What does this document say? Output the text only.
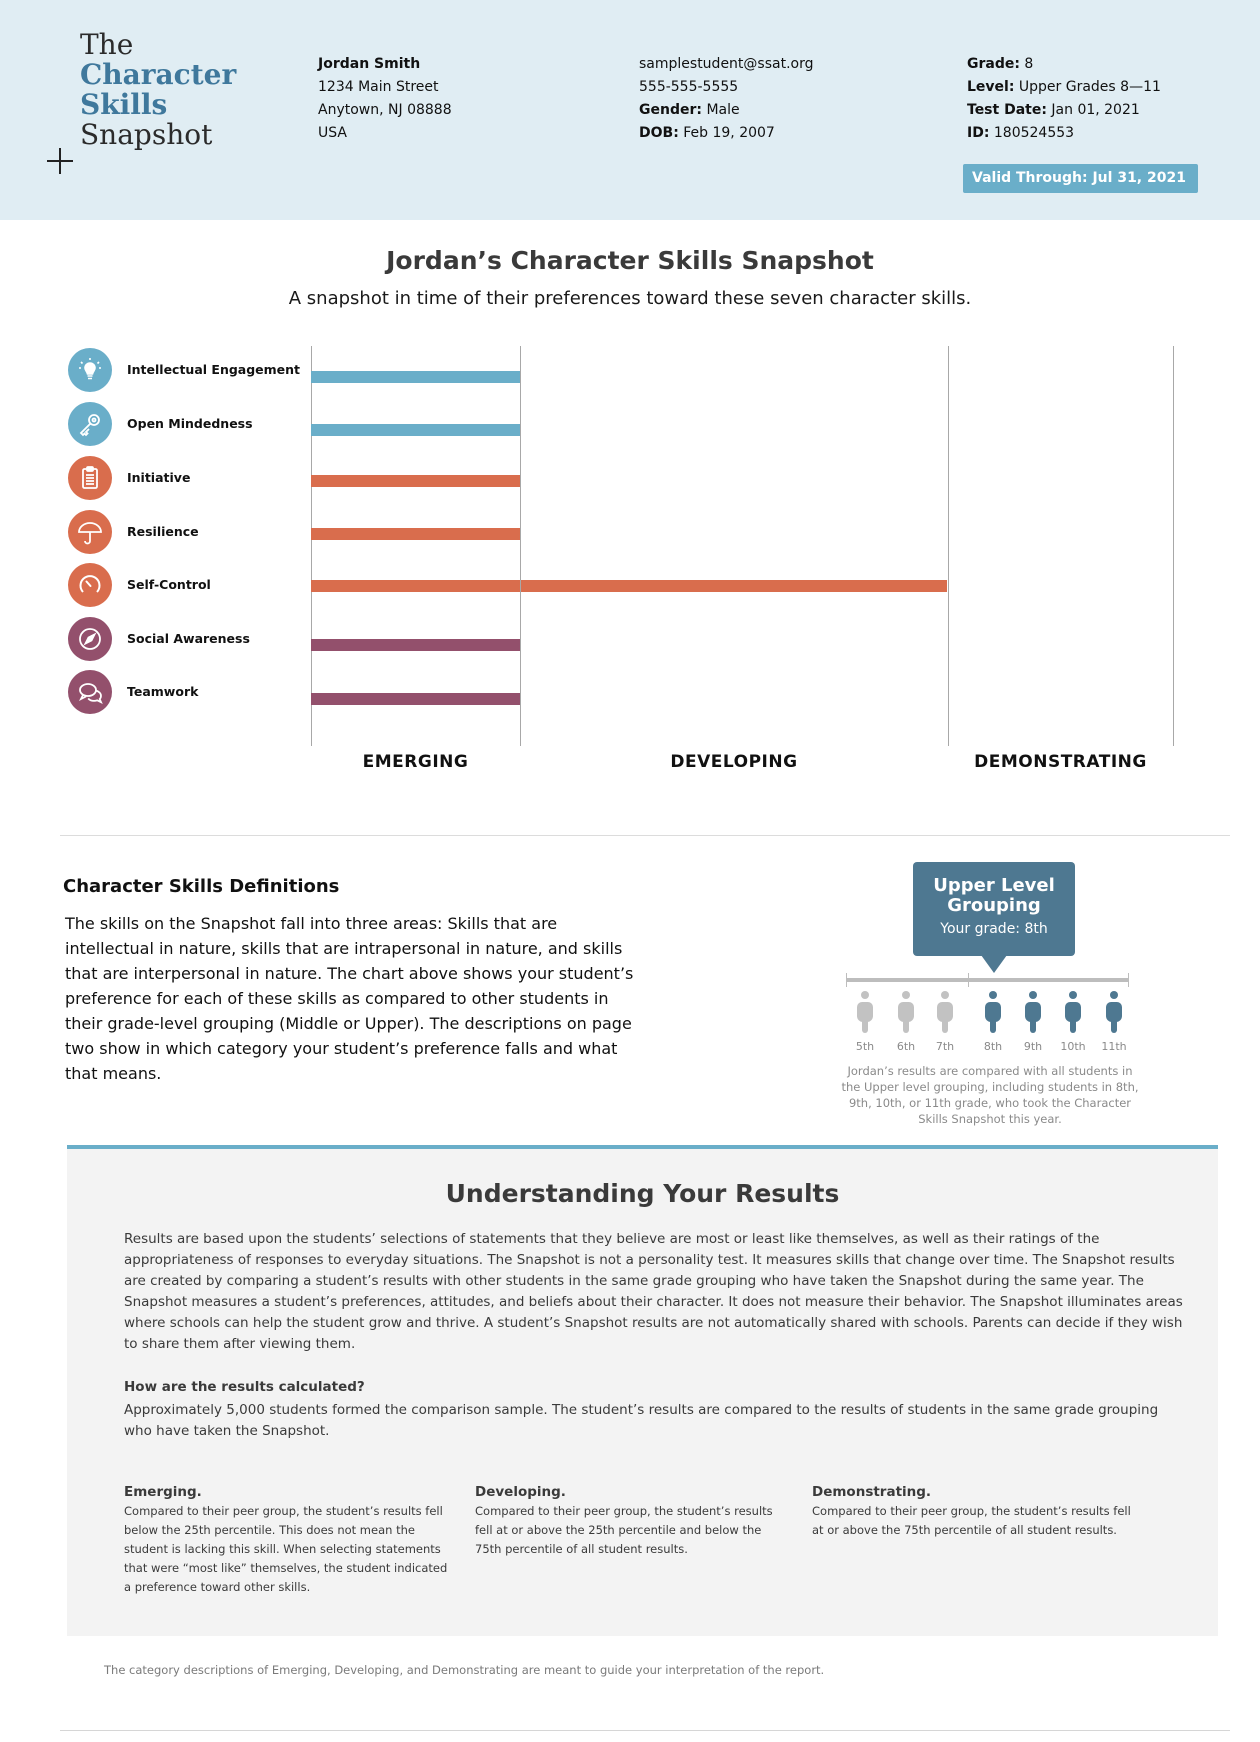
The
Character
Skills
Snapshot
Jordan Smith
1234 Main Street
Anytown, NJ 08888
USA
samplestudent@ssat.org
555-555-5555
Gender: Male
DOB: Feb 19, 2007
Grade: 8
Level: Upper Grades 8—11
Test Date: Jan 01, 2021
ID: 180524553
Valid Through: Jul 31, 2021
Jordan’s Character Skills Snapshot
A snapshot in time of their preferences toward these seven character skills.
Intellectual Engagement
Open Mindedness
Initiative
Resilience
Self-Control
Social Awareness
Teamwork
EMERGING	DEVELOPING	DEMONSTRATING
Character Skills Definitions
The skills on the Snapshot fall into three areas: Skills that are intellectual in nature, skills that are intrapersonal in nature, and skills that are interpersonal in nature. The chart above shows your student’s preference for each of these skills as compared to other students in their grade-level grouping (Middle or Upper). The descriptions on page two show in which category your student’s preference falls and what that means.
Upper Level Grouping
Your grade: 8th
5th	6th	7th	8th	9th	10th	11th
Jordan’s results are compared with all students in the Upper level grouping, including students in 8th, 9th, 10th, or 11th grade, who took the Character Skills Snapshot this year.
Understanding Your Results
Results are based upon the students’ selections of statements that they believe are most or least like themselves, as well as their ratings of the appropriateness of responses to everyday situations. The Snapshot is not a personality test. It measures skills that change over time. The Snapshot results are created by comparing a student’s results with other students in the same grade grouping who have taken the Snapshot during the same year. The Snapshot measures a student’s preferences, attitudes, and beliefs about their character. It does not measure their behavior. The Snapshot illuminates areas where schools can help the student grow and thrive. A student’s Snapshot results are not automatically shared with schools. Parents can decide if they wish to share them after viewing them.
How are the results calculated?
Approximately 5,000 students formed the comparison sample. The student’s results are compared to the results of students in the same grade grouping who have taken the Snapshot.
Emerging.
Compared to their peer group, the student’s results fell below the 25th percentile. This does not mean the student is lacking this skill. When selecting statements that were “most like” themselves, the student indicated a preference toward other skills.
Developing.
Compared to their peer group, the student’s results fell at or above the 25th percentile and below the 75th percentile of all student results.
Demonstrating.
Compared to their peer group, the student’s results fell at or above the 75th percentile of all student results.
The category descriptions of Emerging, Developing, and Demonstrating are meant to guide your interpretation of the report.
